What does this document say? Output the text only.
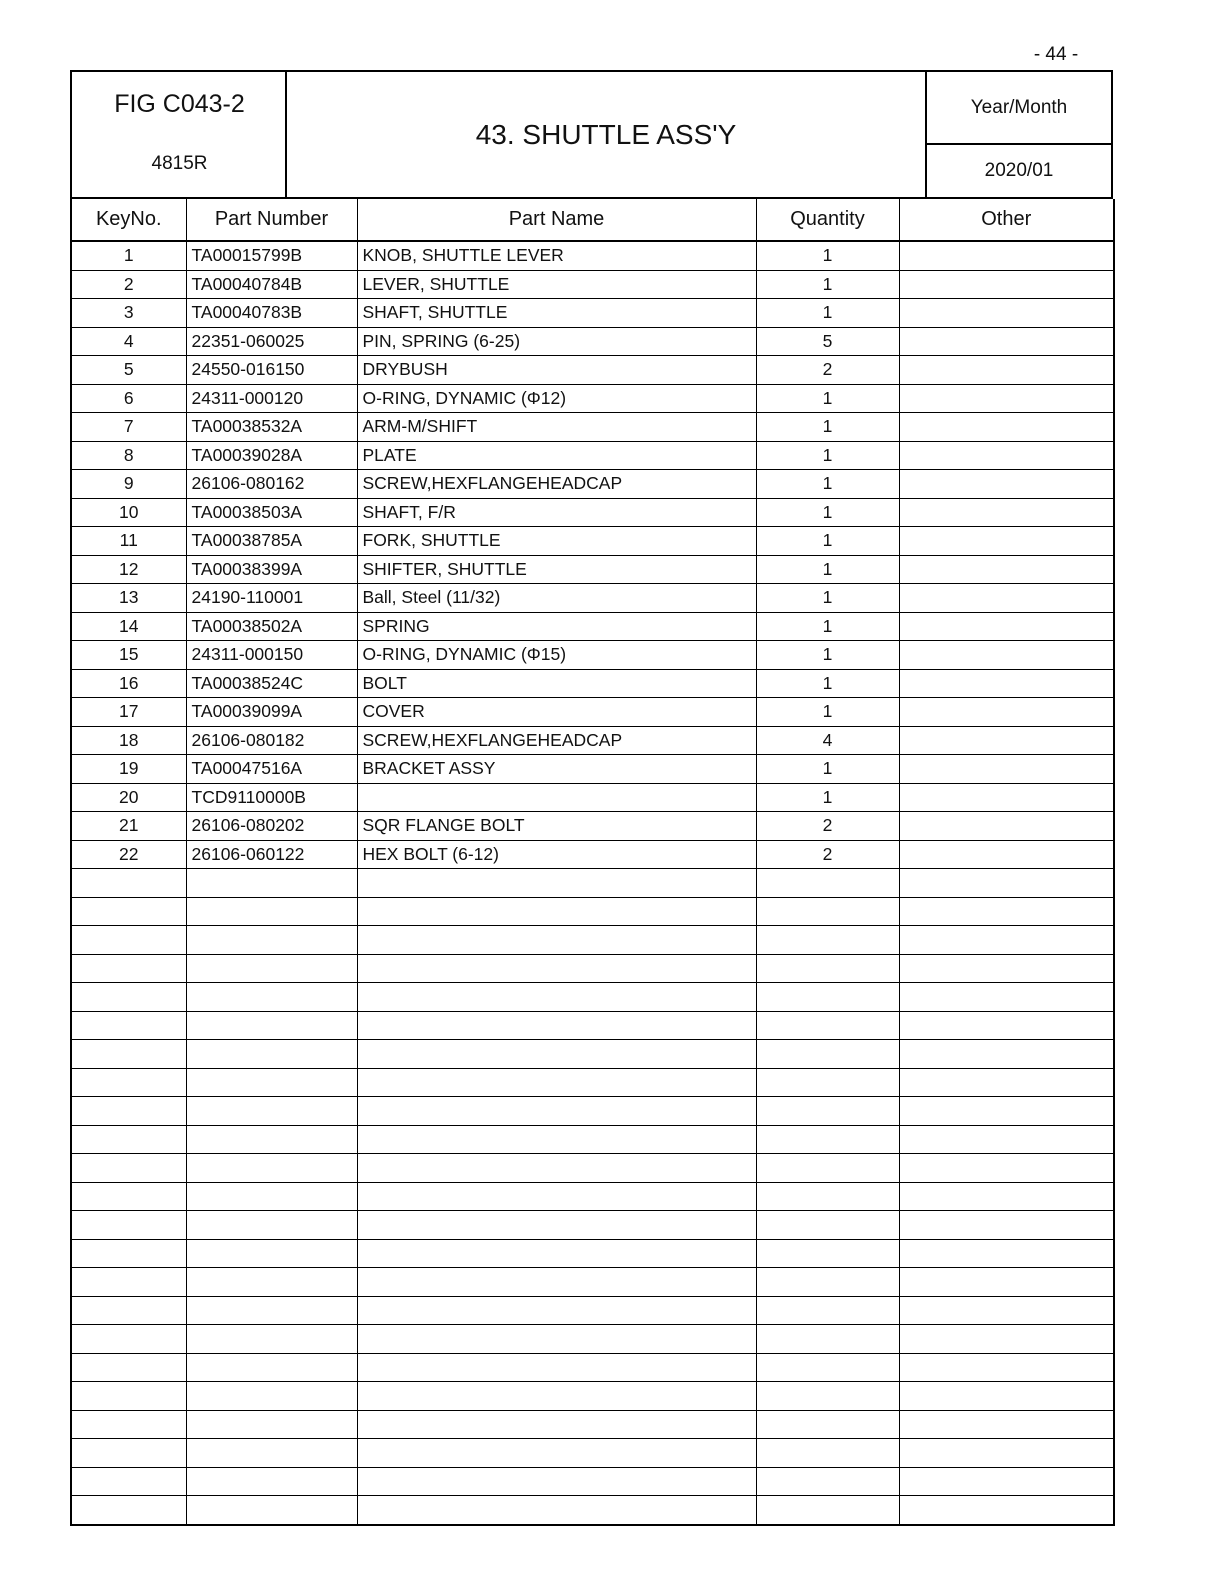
- 44 -
FIG C043-2
4815R
43. SHUTTLE ASS'Y
Year/Month
2020/01
KeyNo.	Part Number	Part Name	Quantity	Other
1	TA00015799B	KNOB, SHUTTLE LEVER	1	
2	TA00040784B	LEVER, SHUTTLE	1	
3	TA00040783B	SHAFT, SHUTTLE	1	
4	22351-060025	PIN, SPRING (6-25)	5	
5	24550-016150	DRYBUSH	2	
6	24311-000120	O-RING, DYNAMIC (Φ12)	1	
7	TA00038532A	ARM-M/SHIFT	1	
8	TA00039028A	PLATE	1	
9	26106-080162	SCREW,HEXFLANGEHEADCAP	1	
10	TA00038503A	SHAFT, F/R	1	
11	TA00038785A	FORK, SHUTTLE	1	
12	TA00038399A	SHIFTER, SHUTTLE	1	
13	24190-110001	Ball, Steel (11/32)	1	
14	TA00038502A	SPRING	1	
15	24311-000150	O-RING, DYNAMIC (Φ15)	1	
16	TA00038524C	BOLT	1	
17	TA00039099A	COVER	1	
18	26106-080182	SCREW,HEXFLANGEHEADCAP	4	
19	TA00047516A	BRACKET ASSY	1	
20	TCD9110000B		1	
21	26106-080202	SQR FLANGE BOLT	2	
22	26106-060122	HEX BOLT (6-12)	2	
